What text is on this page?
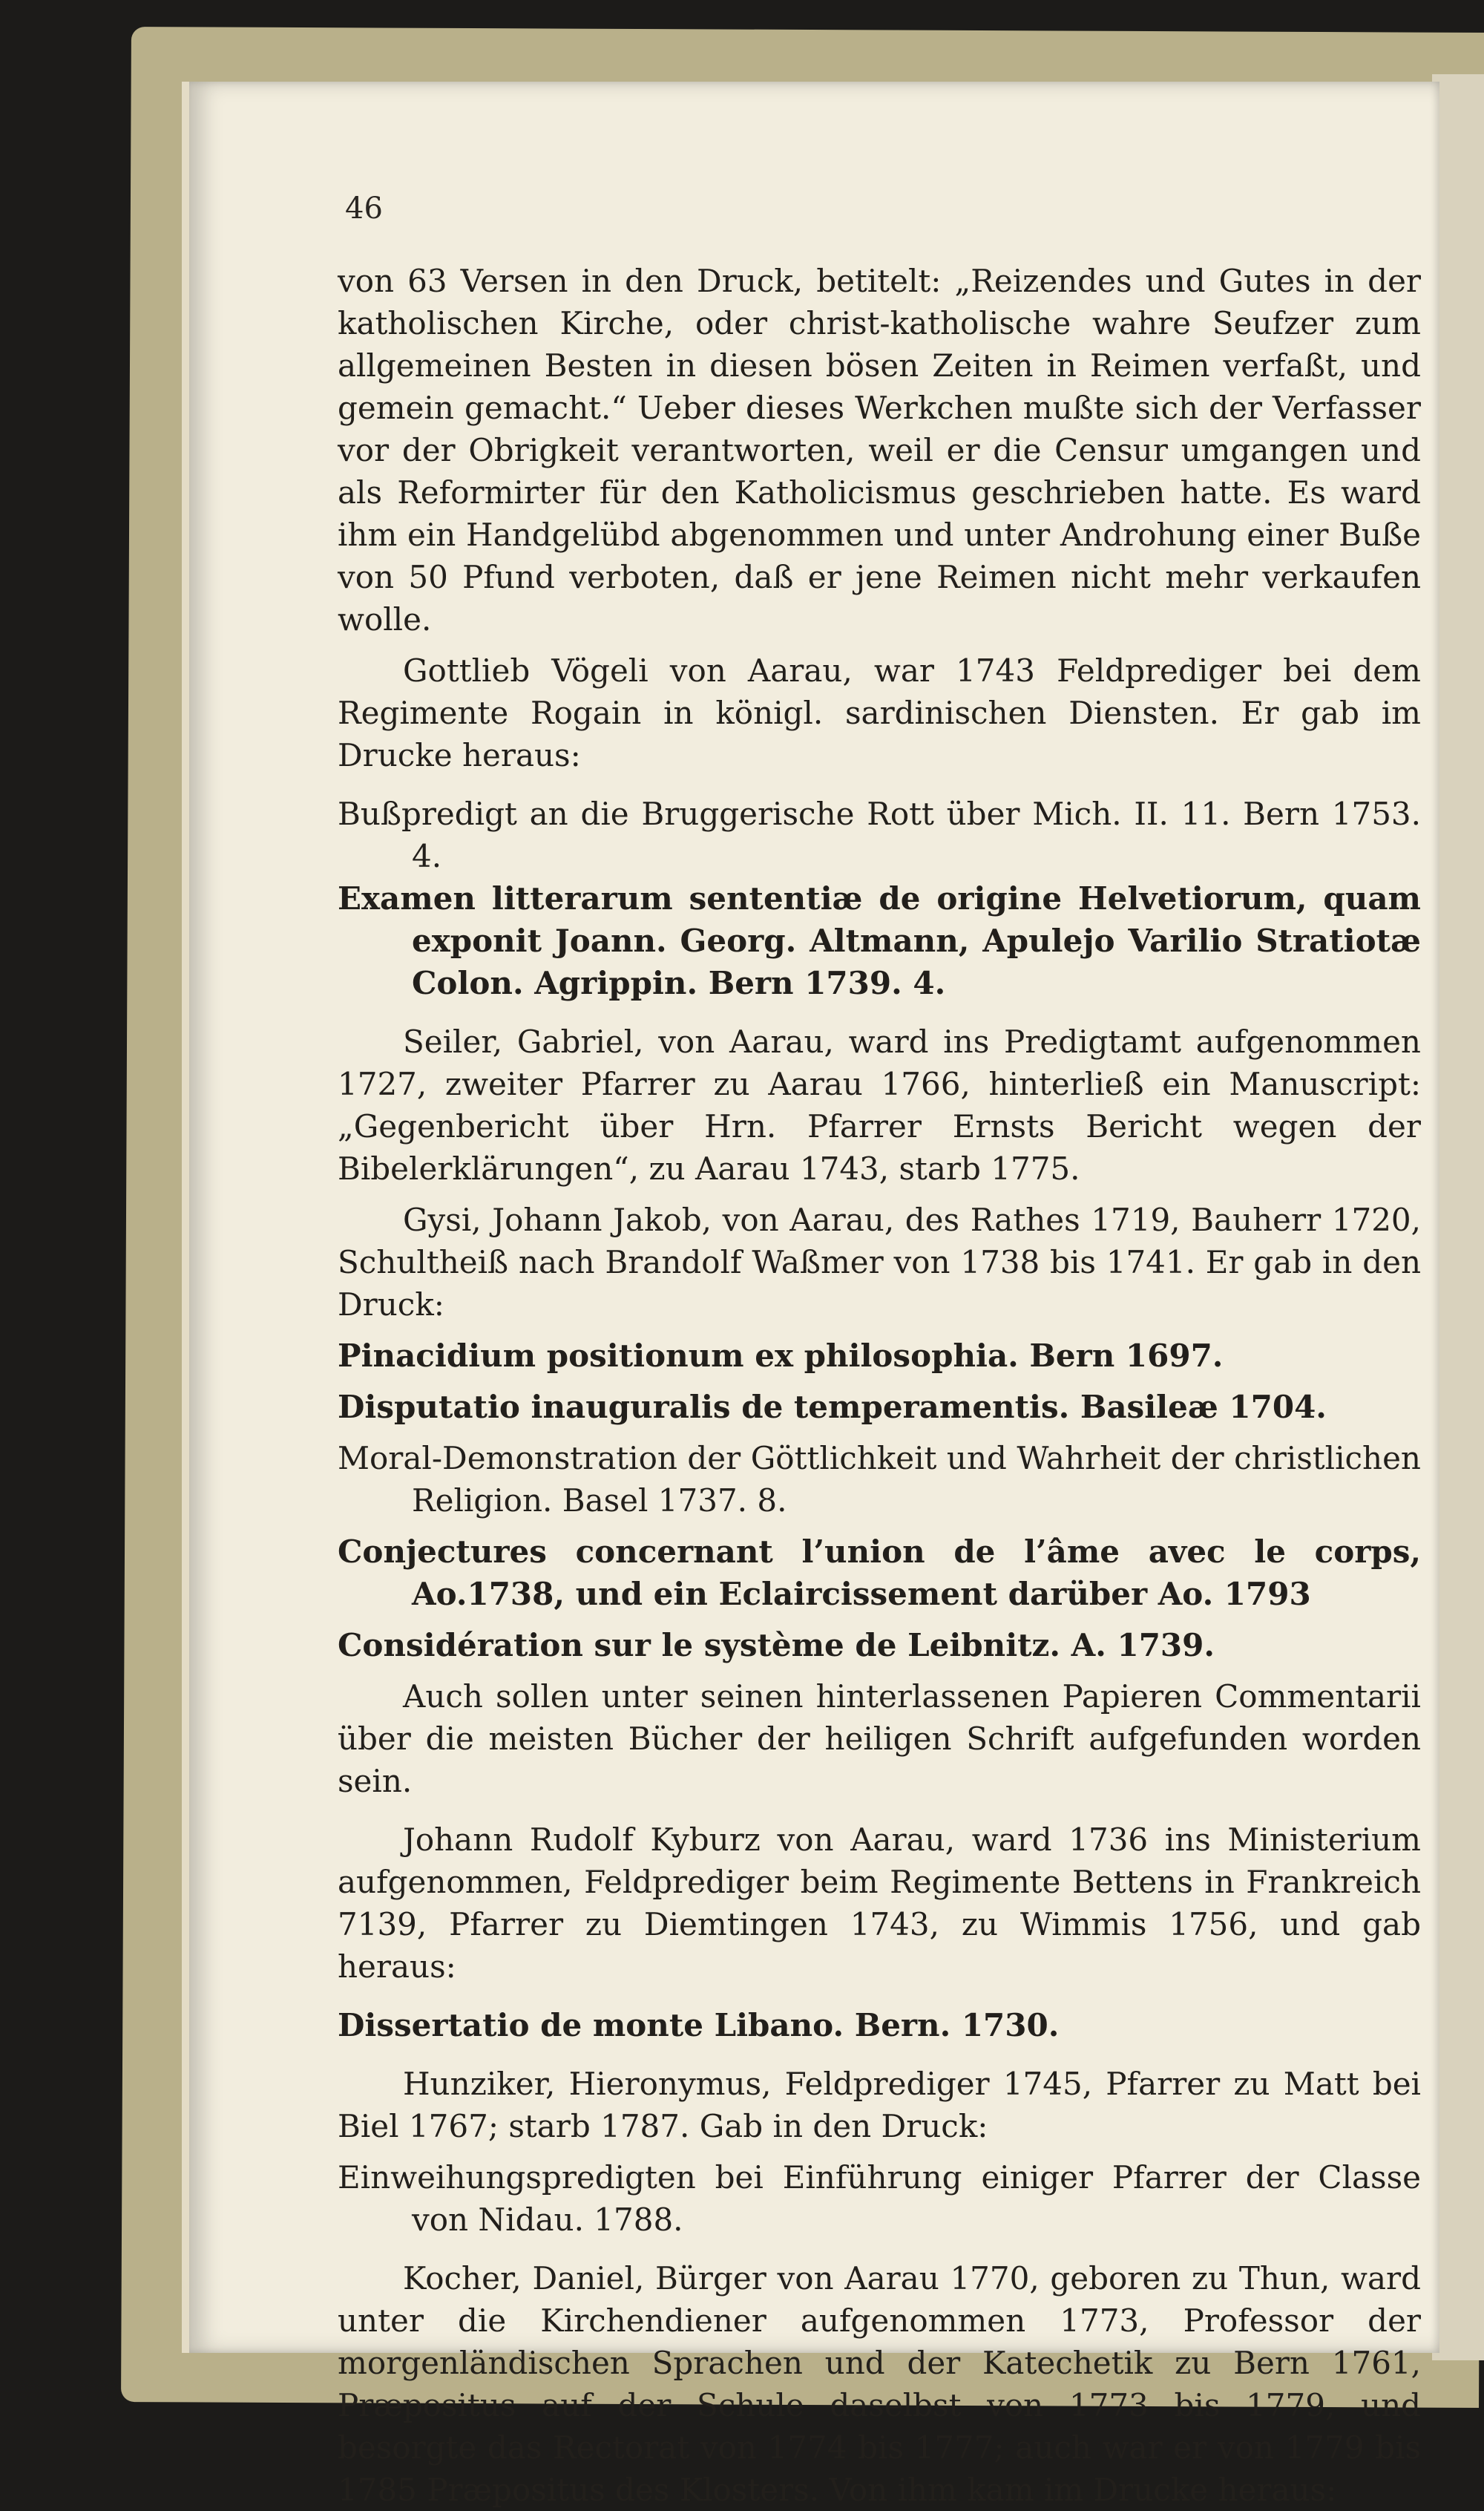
46

von 63 Versen in den Druck, betitelt: „Reizendes und Gutes in der katholischen Kirche, oder christ-katholische wahre Seufzer zum allgemeinen Besten in diesen bösen Zeiten in Reimen verfaßt, und gemein gemacht.“ Ueber dieses Werkchen mußte sich der Verfasser vor der Obrigkeit verantworten, weil er die Censur umgangen und als Reformirter für den Katholicismus geschrieben hatte. Es ward ihm ein Handgelübd abgenommen und unter Androhung einer Buße von 50 Pfund verboten, daß er jene Reimen nicht mehr verkaufen wolle.

Gottlieb Vögeli von Aarau, war 1743 Feldprediger bei dem Regimente Rogain in königl. sardinischen Diensten. Er gab im Drucke heraus:

Bußpredigt an die Bruggerische Rott über Mich. II. 11. Bern 1753. 4.

Examen litterarum sententiæ de origine Helvetiorum, quam exponit Joann. Georg. Altmann, Apulejo Varilio Stratiotæ Colon. Agrippin. Bern 1739. 4.

Seiler, Gabriel, von Aarau, ward ins Predigtamt aufgenommen 1727, zweiter Pfarrer zu Aarau 1766, hinterließ ein Manuscript: „Gegenbericht über Hrn. Pfarrer Ernsts Bericht wegen der Bibelerklärungen“, zu Aarau 1743, starb 1775.

Gysi, Johann Jakob, von Aarau, des Rathes 1719, Bauherr 1720, Schultheiß nach Brandolf Waßmer von 1738 bis 1741. Er gab in den Druck:

Pinacidium positionum ex philosophia. Bern 1697.

Disputatio inauguralis de temperamentis. Basileæ 1704.

Moral-Demonstration der Göttlichkeit und Wahrheit der christlichen Religion. Basel 1737. 8.

Conjectures concernant l’union de l’âme avec le corps, Ao.1738, und ein Eclaircissement darüber Ao. 1793

Considération sur le système de Leibnitz. A. 1739.

Auch sollen unter seinen hinterlassenen Papieren Commentarii über die meisten Bücher der heiligen Schrift aufgefunden worden sein.

Johann Rudolf Kyburz von Aarau, ward 1736 ins Ministerium aufgenommen, Feldprediger beim Regimente Bettens in Frankreich 7139, Pfarrer zu Diemtingen 1743, zu Wimmis 1756, und gab heraus:

Dissertatio de monte Libano. Bern. 1730.

Hunziker, Hieronymus, Feldprediger 1745, Pfarrer zu Matt bei Biel 1767; starb 1787. Gab in den Druck:

Einweihungspredigten bei Einführung einiger Pfarrer der Classe von Nidau. 1788.

Kocher, Daniel, Bürger von Aarau 1770, geboren zu Thun, ward unter die Kirchendiener aufgenommen 1773, Professor der morgenländischen Sprachen und der Katechetik zu Bern 1761, Præpositus auf der Schule daselbst von 1773 bis 1779, und besorgte das Rectorat von 1774 bis 1777; auch war er von 1779 bis 1785 Præpositus des Klosters. Von ihm kam im Drucke heraus:
